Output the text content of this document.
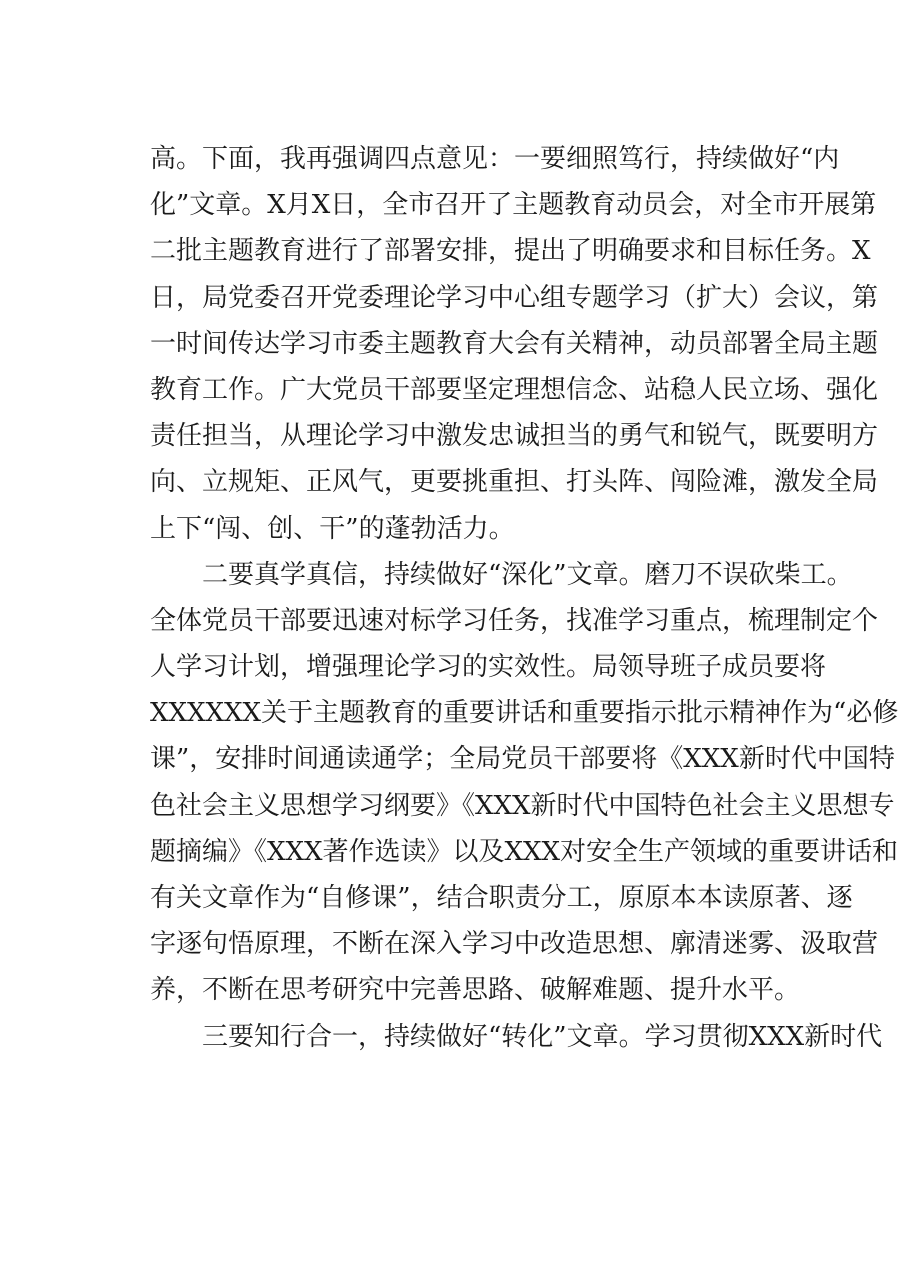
高。下面，我再强调四点意见：一要细照笃行，持续做好“内
化”文章。X月X日，全市召开了主题教育动员会，对全市开展第
二批主题教育进行了部署安排，提出了明确要求和目标任务。X
日，局党委召开党委理论学习中心组专题学习（扩大）会议，第
一时间传达学习市委主题教育大会有关精神，动员部署全局主题
教育工作。广大党员干部要坚定理想信念、站稳人民立场、强化
责任担当，从理论学习中激发忠诚担当的勇气和锐气，既要明方
向、立规矩、正风气，更要挑重担、打头阵、闯险滩，激发全局
上下“闯、创、干”的蓬勃活力。
二要真学真信，持续做好“深化”文章。磨刀不误砍柴工。
全体党员干部要迅速对标学习任务，找准学习重点，梳理制定个
人学习计划，增强理论学习的实效性。局领导班子成员要将
XXXXXX关于主题教育的重要讲话和重要指示批示精神作为“必修
课”，安排时间通读通学；全局党员干部要将《XXX新时代中国特
色社会主义思想学习纲要》《XXX新时代中国特色社会主义思想专
题摘编》《XXX著作选读》以及XXX对安全生产领域的重要讲话和
有关文章作为“自修课”，结合职责分工，原原本本读原著、逐
字逐句悟原理，不断在深入学习中改造思想、廓清迷雾、汲取营
养，不断在思考研究中完善思路、破解难题、提升水平。
三要知行合一，持续做好“转化”文章。学习贯彻XXX新时代
